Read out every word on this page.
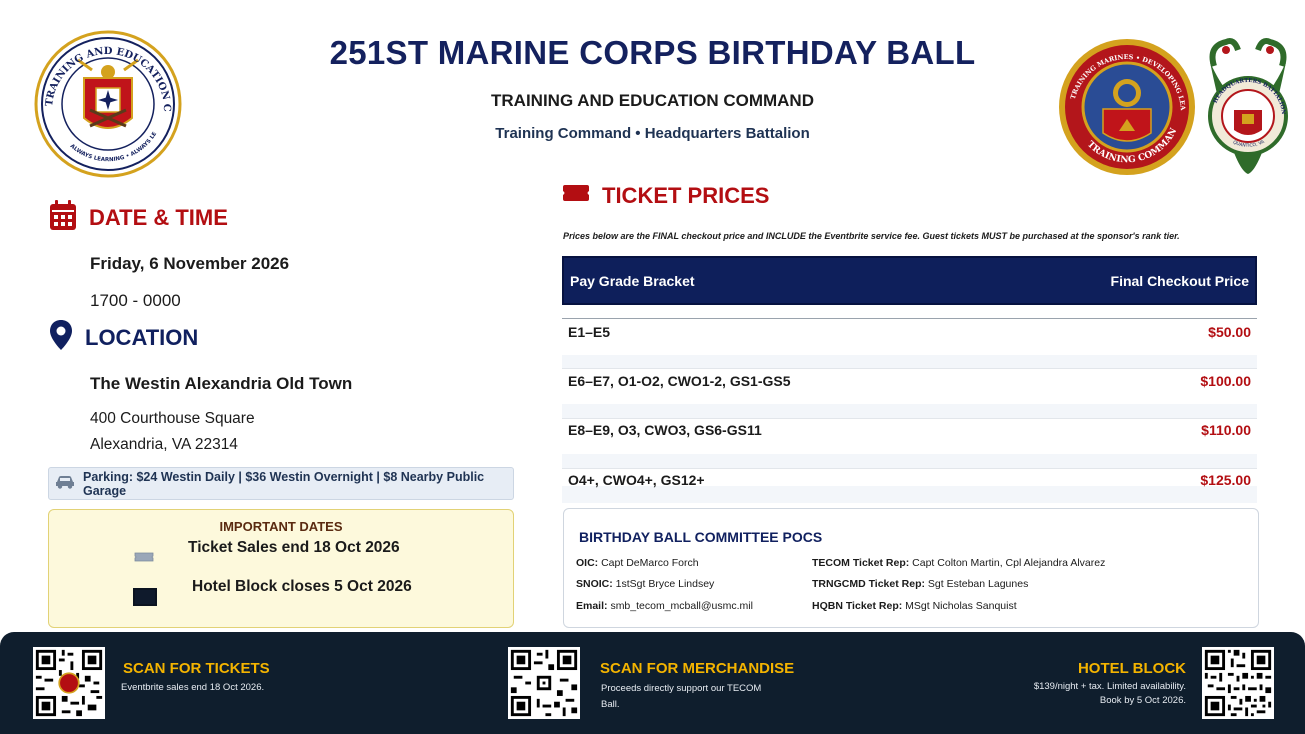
251ST MARINE CORPS BIRTHDAY BALL
TRAINING AND EDUCATION COMMAND
Training Command • Headquarters Battalion
TRAINING AND EDUCATION C
ALWAYS LEARNING • ALWAYS LE
TRAINING MARINES • DEVELOPING LEA
TRAINING COMMAN
HEADQUARTERS BATTALION
QUANTICO, VA
DATE & TIME
Friday, 6 November 2026
1700 - 0000
LOCATION
The Westin Alexandria Old Town
400 Courthouse Square
Alexandria, VA 22314
Parking: $24 Westin Daily | $36 Westin Overnight | $8 Nearby Public Garage
IMPORTANT DATES
Ticket Sales end 18 Oct 2026
Hotel Block closes 5 Oct 2026
TICKET PRICES
Prices below are the FINAL checkout price and INCLUDE the Eventbrite service fee. Guest tickets MUST be purchased at the sponsor's rank tier.
Pay Grade Bracket	Final Checkout Price
E1–E5	$50.00
E6–E7, O1-O2, CWO1-2, GS1-GS5	$100.00
E8–E9, O3, CWO3, GS6-GS11	$110.00
O4+, CWO4+, GS12+	$125.00
BIRTHDAY BALL COMMITTEE POCS
OIC: Capt DeMarco Forch
SNOIC: 1stSgt Bryce Lindsey
Email: smb_tecom_mcball@usmc.mil
TECOM Ticket Rep: Capt Colton Martin, Cpl Alejandra Alvarez
TRNGCMD Ticket Rep: Sgt Esteban Lagunes
HQBN Ticket Rep: MSgt Nicholas Sanquist
SCAN FOR TICKETS
Eventbrite sales end 18 Oct 2026.
SCAN FOR MERCHANDISE
Proceeds directly support our TECOM
Ball.
HOTEL BLOCK
$139/night + tax. Limited availability.
Book by 5 Oct 2026.
